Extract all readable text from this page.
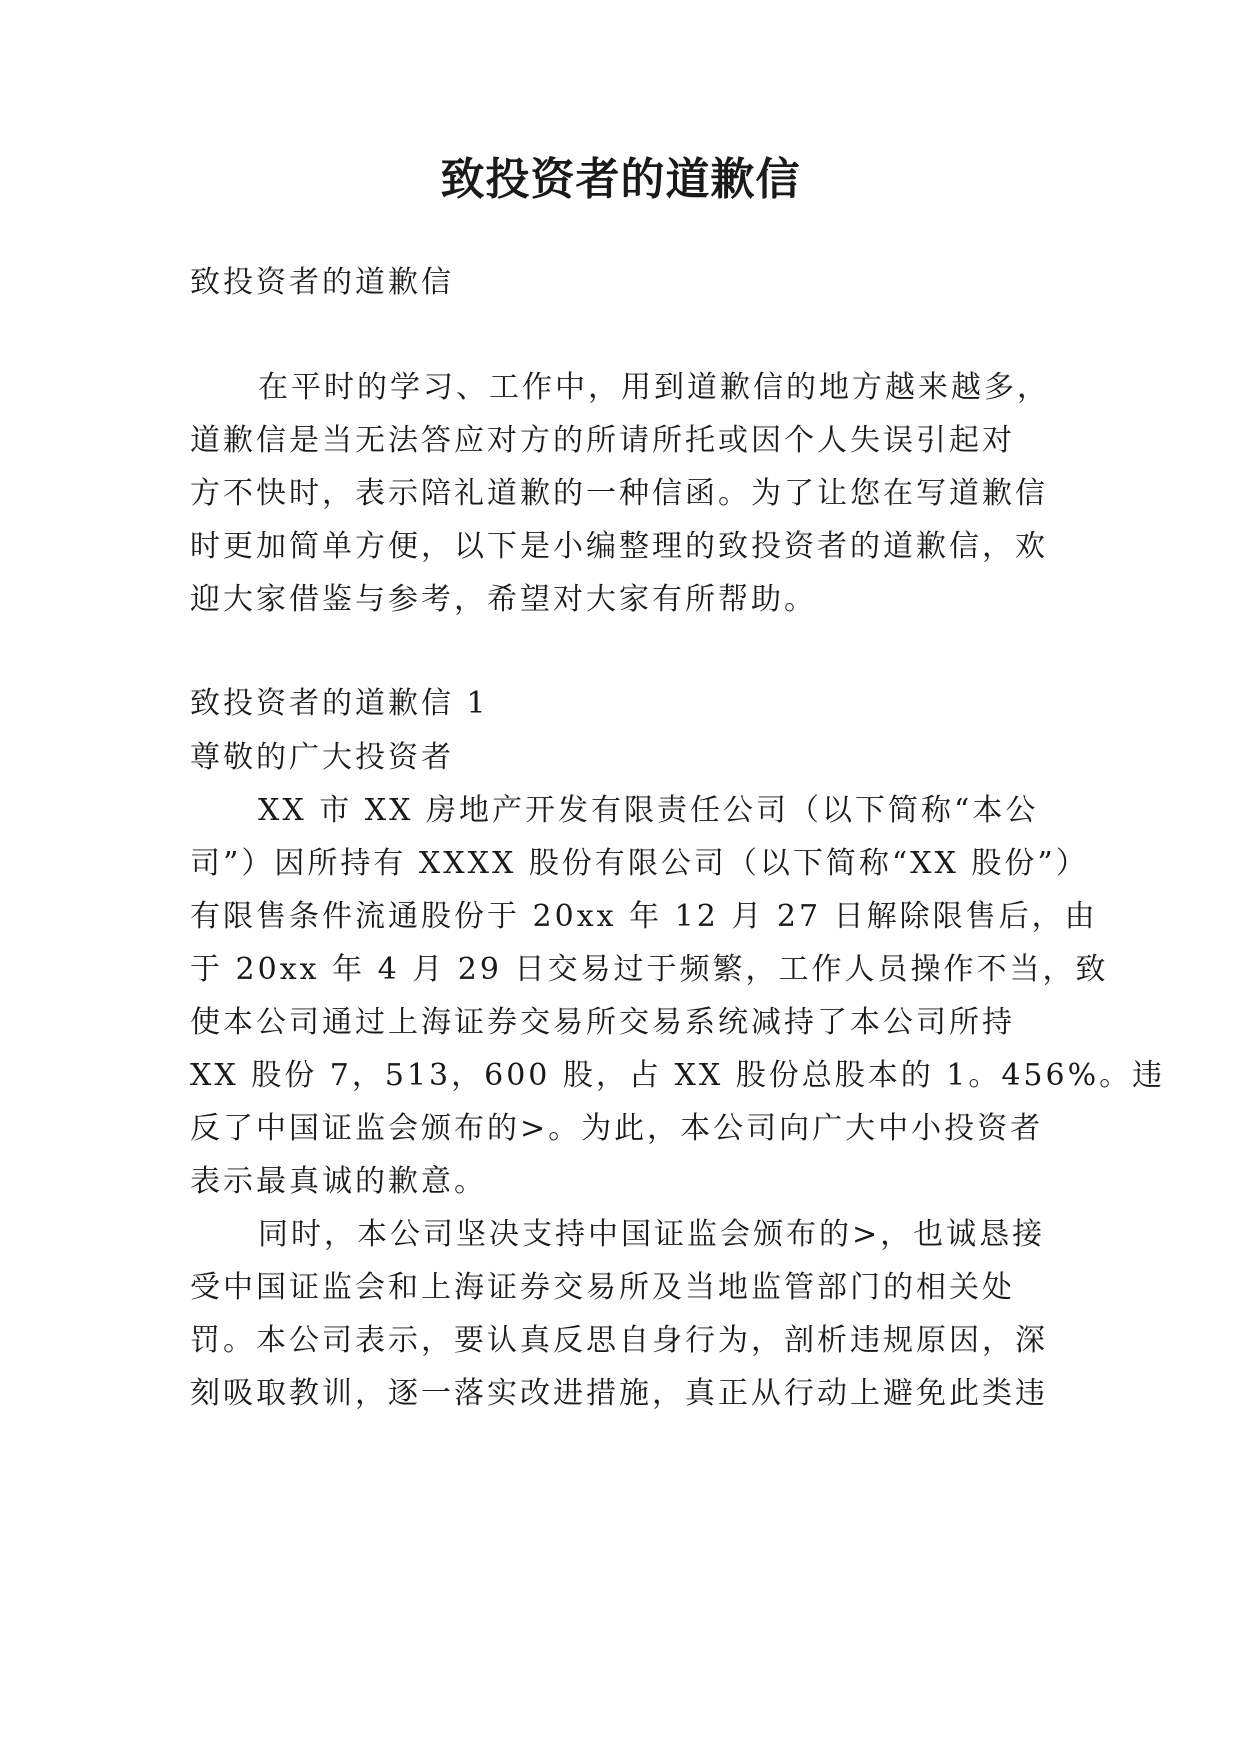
致投资者的道歉信

致投资者的道歉信

在平时的学习、工作中，用到道歉信的地方越来越多，

道歉信是当无法答应对方的所请所托或因个人失误引起对

方不快时，表示陪礼道歉的一种信函。为了让您在写道歉信

时更加简单方便，以下是小编整理的致投资者的道歉信，欢

迎大家借鉴与参考，希望对大家有所帮助。

致投资者的道歉信 1

尊敬的广大投资者

XX 市 XX 房地产开发有限责任公司（以下简称“本公

司”）因所持有 XXXX 股份有限公司（以下简称“XX 股份”）

有限售条件流通股份于 20xx 年 12 月 27 日解除限售后，由

于 20xx 年 4 月 29 日交易过于频繁，工作人员操作不当，致

使本公司通过上海证券交易所交易系统减持了本公司所持

XX 股份 7，513，600 股，占 XX 股份总股本的 1。456%。违

反了中国证监会颁布的>。为此，本公司向广大中小投资者

表示最真诚的歉意。

同时，本公司坚决支持中国证监会颁布的>，也诚恳接

受中国证监会和上海证券交易所及当地监管部门的相关处

罚。本公司表示，要认真反思自身行为，剖析违规原因，深

刻吸取教训，逐一落实改进措施，真正从行动上避免此类违
